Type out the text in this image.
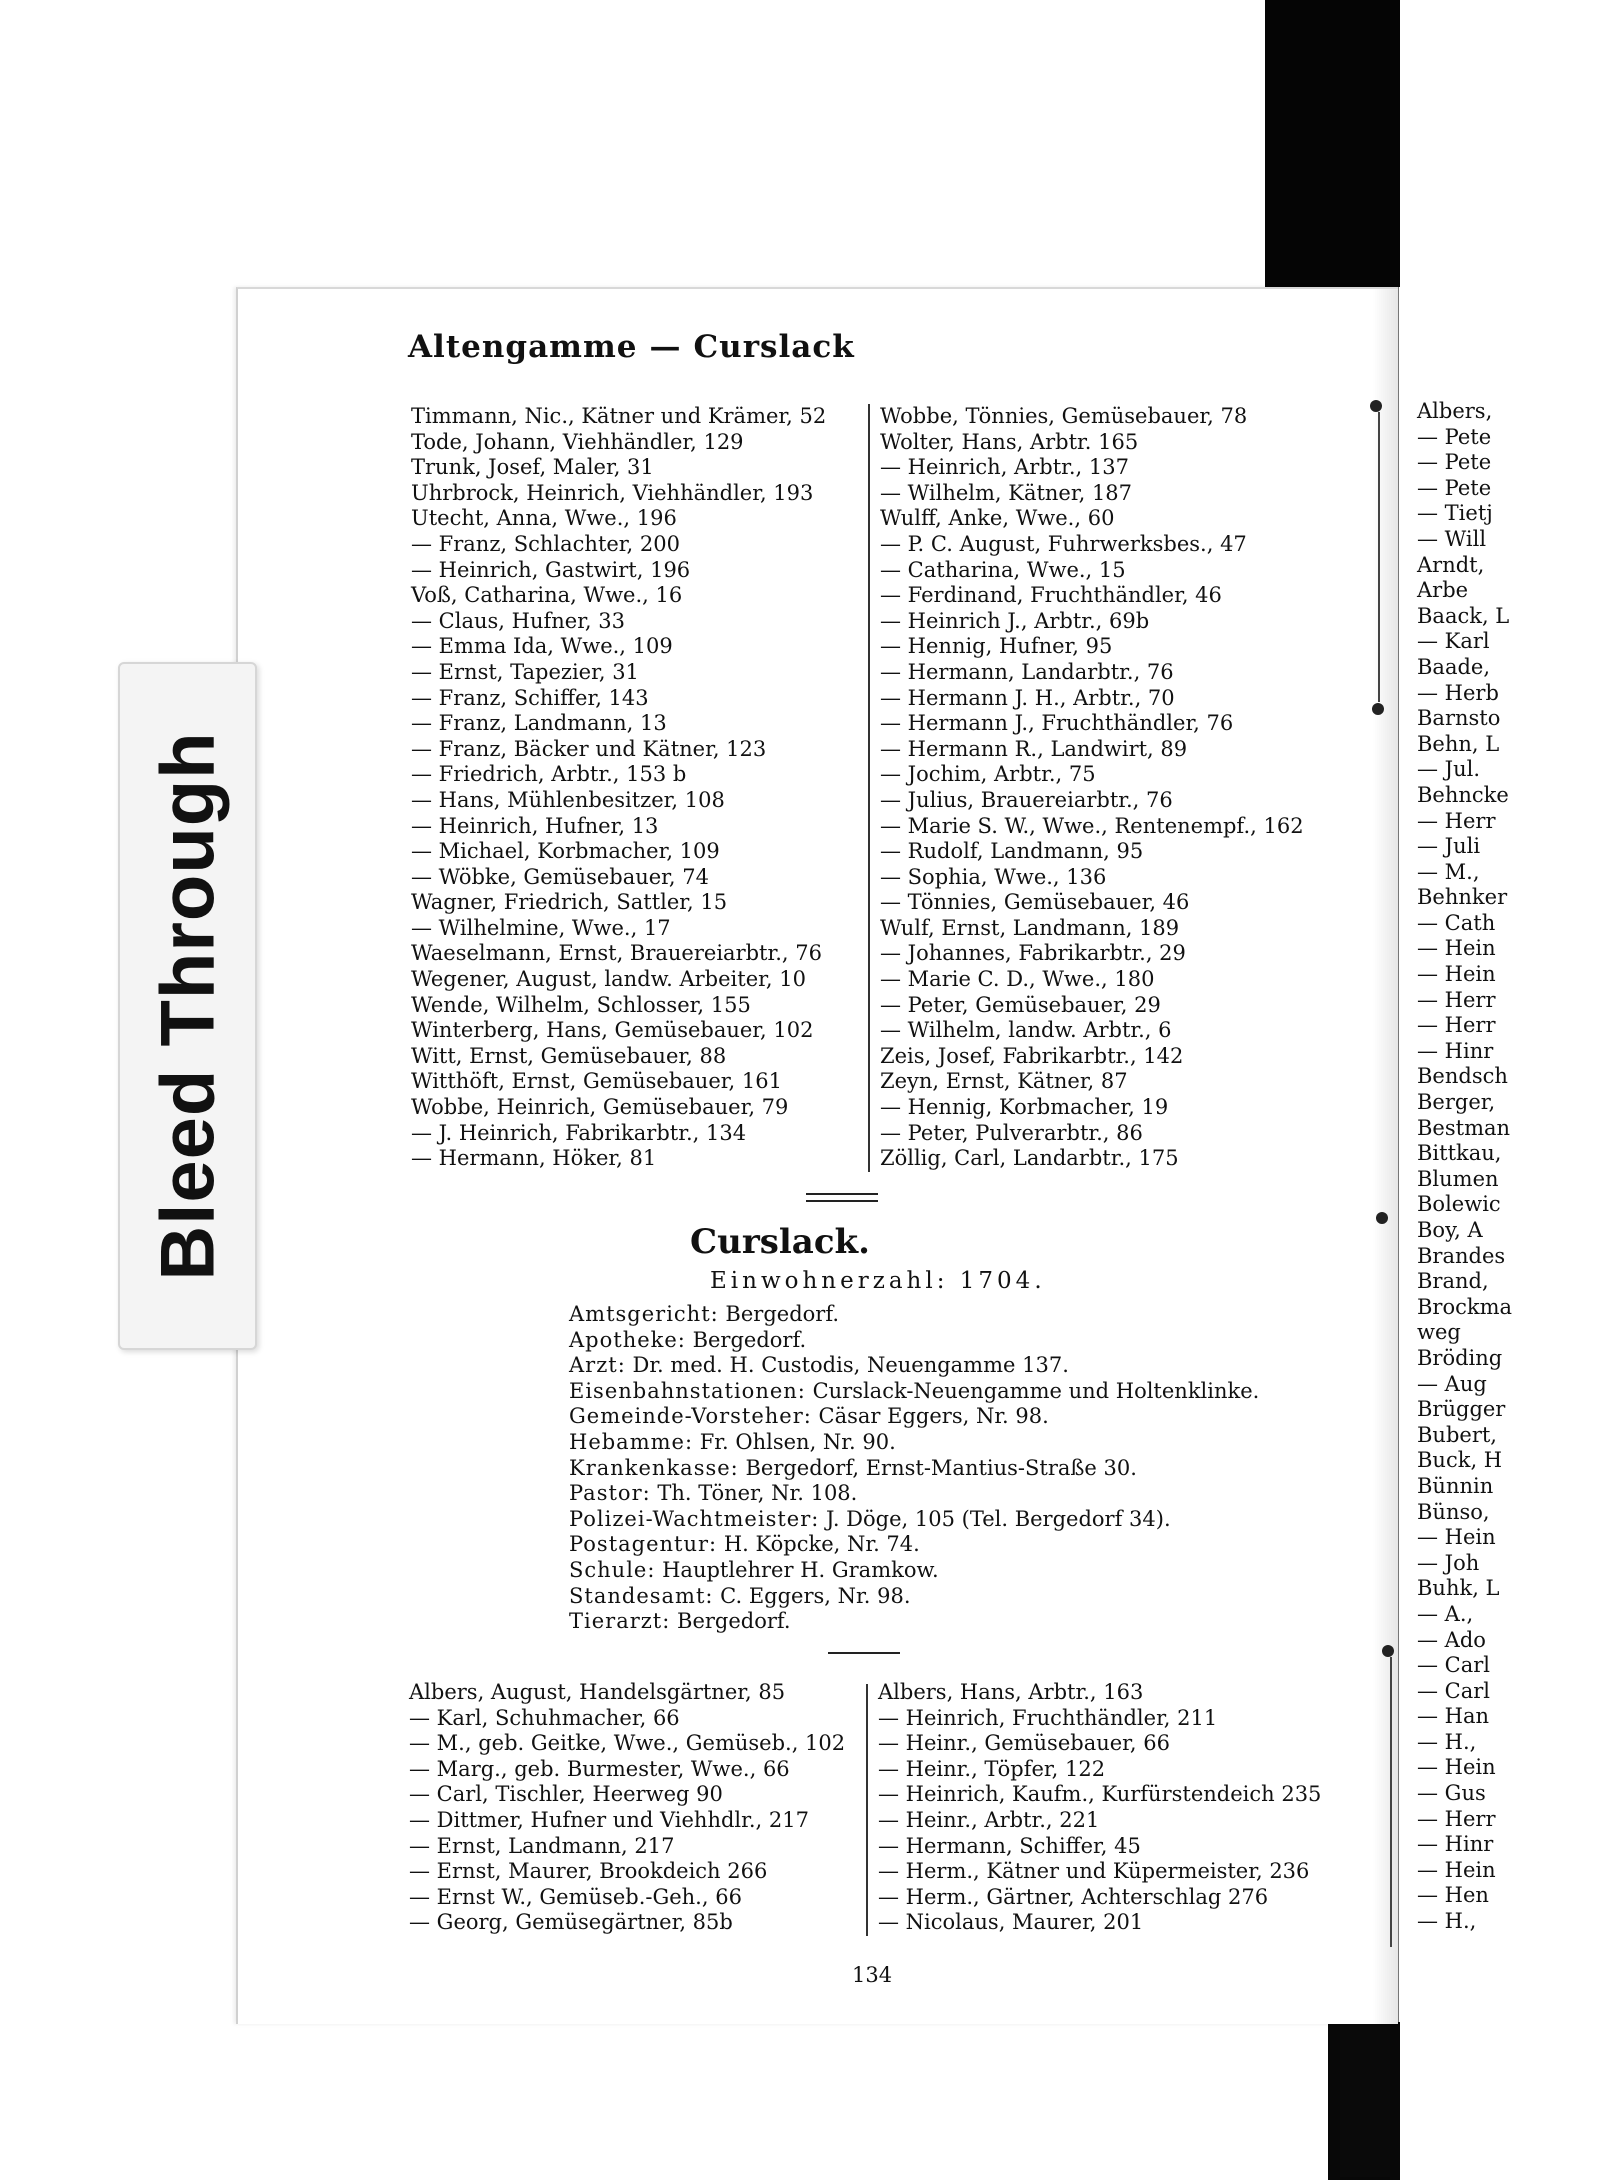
Albers,
— Pete
— Pete
— Pete
— Tietj
— Will
Arndt,
Arbe
Baack, L
— Karl
Baade,
— Herb
Barnsto
Behn, L
— Jul.
Behncke
— Herr
— Juli
— M.,
Behnker
— Cath
— Hein
— Hein
— Herr
— Herr
— Hinr
Bendsch
Berger,
Bestman
Bittkau,
Blumen
Bolewic
Boy, A
Brandes
Brand,
Brockma
weg
Bröding
— Aug
Brügger
Bubert,
Buck, H
Bünnin
Bünso,
— Hein
— Joh
Buhk, L
— A.,
— Ado
— Carl
— Carl
— Han
— H.,
— Hein
— Gus
— Herr
— Hinr
— Hein
— Hen
— H.,
Altengamme — Curslack
Timmann, Nic., Kätner und Krämer, 52
Tode, Johann, Viehhändler, 129
Trunk, Josef, Maler, 31
Uhrbrock, Heinrich, Viehhändler, 193
Utecht, Anna, Wwe., 196
— Franz, Schlachter, 200
— Heinrich, Gastwirt, 196
Voß, Catharina, Wwe., 16
— Claus, Hufner, 33
— Emma Ida, Wwe., 109
— Ernst, Tapezier, 31
— Franz, Schiffer, 143
— Franz, Landmann, 13
— Franz, Bäcker und Kätner, 123
— Friedrich, Arbtr., 153 b
— Hans, Mühlenbesitzer, 108
— Heinrich, Hufner, 13
— Michael, Korbmacher, 109
— Wöbke, Gemüsebauer, 74
Wagner, Friedrich, Sattler, 15
— Wilhelmine, Wwe., 17
Waeselmann, Ernst, Brauereiarbtr., 76
Wegener, August, landw. Arbeiter, 10
Wende, Wilhelm, Schlosser, 155
Winterberg, Hans, Gemüsebauer, 102
Witt, Ernst, Gemüsebauer, 88
Witthöft, Ernst, Gemüsebauer, 161
Wobbe, Heinrich, Gemüsebauer, 79
— J. Heinrich, Fabrikarbtr., 134
— Hermann, Höker, 81
Wobbe, Tönnies, Gemüsebauer, 78
Wolter, Hans, Arbtr. 165
— Heinrich, Arbtr., 137
— Wilhelm, Kätner, 187
Wulff, Anke, Wwe., 60
— P. C. August, Fuhrwerksbes., 47
— Catharina, Wwe., 15
— Ferdinand, Fruchthändler, 46
— Heinrich J., Arbtr., 69b
— Hennig, Hufner, 95
— Hermann, Landarbtr., 76
— Hermann J. H., Arbtr., 70
— Hermann J., Fruchthändler, 76
— Hermann R., Landwirt, 89
— Jochim, Arbtr., 75
— Julius, Brauereiarbtr., 76
— Marie S. W., Wwe., Rentenempf., 162
— Rudolf, Landmann, 95
— Sophia, Wwe., 136
— Tönnies, Gemüsebauer, 46
Wulf, Ernst, Landmann, 189
— Johannes, Fabrikarbtr., 29
— Marie C. D., Wwe., 180
— Peter, Gemüsebauer, 29
— Wilhelm, landw. Arbtr., 6
Zeis, Josef, Fabrikarbtr., 142
Zeyn, Ernst, Kätner, 87
— Hennig, Korbmacher, 19
— Peter, Pulverarbtr., 86
Zöllig, Carl, Landarbtr., 175
Curslack.
Einwohnerzahl: 1704.
Amtsgericht: Bergedorf.
Apotheke: Bergedorf.
Arzt: Dr. med. H. Custodis, Neuengamme 137.
Eisenbahnstationen: Curslack-Neuengamme und Holtenklinke.
Gemeinde-Vorsteher: Cäsar Eggers, Nr. 98.
Hebamme: Fr. Ohlsen, Nr. 90.
Krankenkasse: Bergedorf, Ernst-Mantius-Straße 30.
Pastor: Th. Töner, Nr. 108.
Polizei-Wachtmeister: J. Döge, 105 (Tel. Bergedorf 34).
Postagentur: H. Köpcke, Nr. 74.
Schule: Hauptlehrer H. Gramkow.
Standesamt: C. Eggers, Nr. 98.
Tierarzt: Bergedorf.
Albers, August, Handelsgärtner, 85
— Karl, Schuhmacher, 66
— M., geb. Geitke, Wwe., Gemüseb., 102
— Marg., geb. Burmester, Wwe., 66
— Carl, Tischler, Heerweg 90
— Dittmer, Hufner und Viehhdlr., 217
— Ernst, Landmann, 217
— Ernst, Maurer, Brookdeich 266
— Ernst W., Gemüseb.-Geh., 66
— Georg, Gemüsegärtner, 85b
Albers, Hans, Arbtr., 163
— Heinrich, Fruchthändler, 211
— Heinr., Gemüsebauer, 66
— Heinr., Töpfer, 122
— Heinrich, Kaufm., Kurfürstendeich 235
— Heinr., Arbtr., 221
— Hermann, Schiffer, 45
— Herm., Kätner und Küpermeister, 236
— Herm., Gärtner, Achterschlag 276
— Nicolaus, Maurer, 201
134
Bleed Through
